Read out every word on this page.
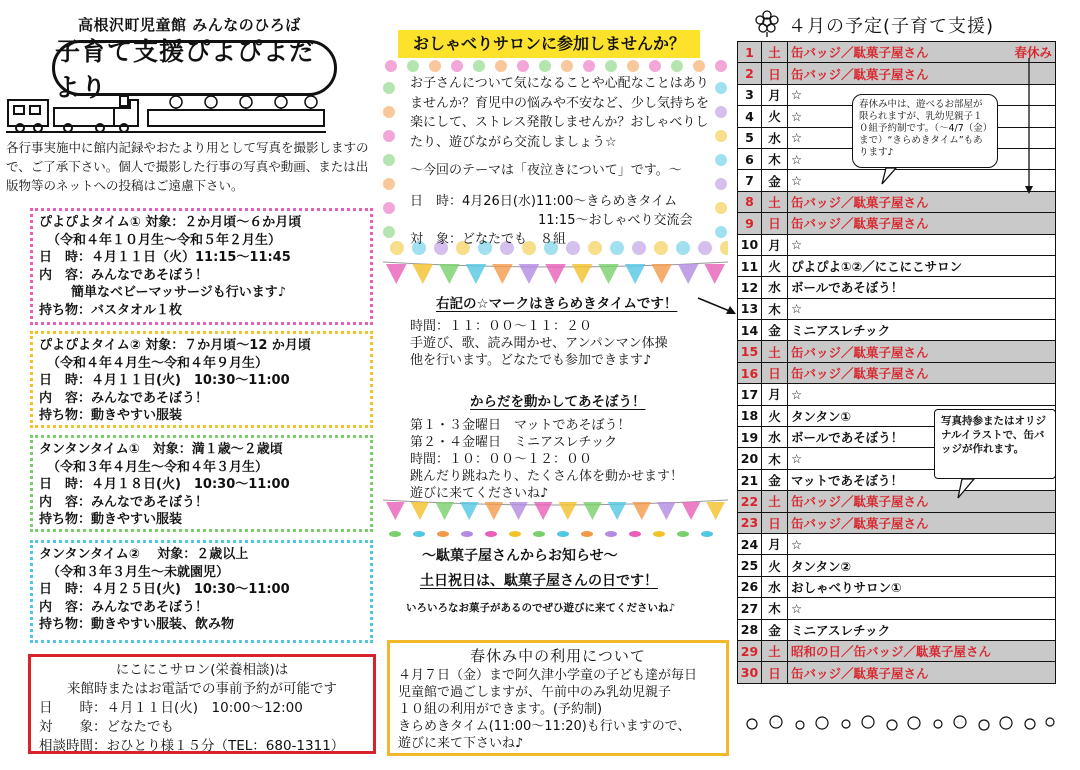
高根沢町児童館 みんなのひろば
子育て支援ぴよぴよだより
各行事実施中に館内記録やおたより用として写真を撮影しますので、ご了承下さい。個人で撮影した行事の写真や動画、または出版物等のネットへの投稿はご遠慮下さい。
ぴよぴよタイム① 対象：２か月頃～６か月頃
（令和４年１０月生～令和５年２月生）
日　時：４月１１日（火）11:15～11:45
内　容：みんなであそぼう！
簡単なベビーマッサージも行います♪
持ち物：バスタオル１枚
ぴよぴよタイム② 対象：７か月頃～12 か月頃
（令和４年４月生～令和４年９月生）
日　時：４月１１日(火)　10:30～11:00
内　容：みんなであそぼう！
持ち物：動きやすい服装
タンタンタイム①　対象：満１歳～２歳頃
（令和３年４月生～令和４年３月生）
日　時：４月１８日(火)　10:30～11:00
内　容：みんなであそぼう！
持ち物：動きやすい服装
タンタンタイム②　 対象：２歳以上
（令和３年３月生～未就園児）
日　時：４月２５日(火)　10:30～11:00
内　容：みんなであそぼう！
持ち物：動きやすい服装、飲み物
にこにこサロン(栄養相談)は
来館時またはお電話での事前予約が可能です
日　　時：４月１１日(火)　10:00～12:00
対　　象：どなたでも
相談時間：おひとり様１５分（TEL：680-1311）
おしゃべりサロンに参加しませんか？
お子さんについて気になることや心配なことはありませんか？育児中の悩みや不安など、少し気持ちを楽にして、ストレス発散しませんか？おしゃべりしたり、遊びながら交流しましょう☆
～今回のテーマは「夜泣きについて」です。～
日　時：4月26日(水)11:00～きらめきタイム
11:15～おしゃべり交流会
対　象：どなたでも　８組
右記の☆マークはきらめきタイムです！
時間：１１：００～１１：２０
手遊び、歌、読み聞かせ、アンパンマン体操
他を行います。どなたでも参加できます♪
からだを動かしてあそぼう！
第１・３金曜日　マットであそぼう！
第２・４金曜日　ミニアスレチック
時間：１０：００～１２：００
跳んだり跳ねたり、たくさん体を動かせます！
遊びに来てくださいね♪
～駄菓子屋さんからお知らせ～
土日祝日は、駄菓子屋さんの日です！
いろいろなお菓子があるのでぜひ遊びに来てくださいね♪
春休み中の利用について
４月７日（金）まで阿久津小学童の子ども達が毎日
児童館で過ごしますが、午前中のみ乳幼児親子
１０組の利用ができます。(予約制)
きらめきタイム(11:00～11:20)も行いますので、
遊びに来て下さいね♪
４月の予定(子育て支援)
1	土	缶バッジ／駄菓子屋さん 春休み

2	日	缶バッジ／駄菓子屋さん
3	月	☆
4	火	☆
5	水	☆
6	木	☆
7	金	☆
8	土	缶バッジ／駄菓子屋さん
9	日	缶バッジ／駄菓子屋さん
10	月	☆
11	火	ぴよぴよ①②／にこにこサロン
12	水	ボールであそぼう！
13	木	☆
14	金	ミニアスレチック
15	土	缶バッジ／駄菓子屋さん
16	日	缶バッジ／駄菓子屋さん
17	月	☆
18	火	タンタン①
19	水	ボールであそぼう！
20	木	☆
21	金	マットであそぼう！
22	土	缶バッジ／駄菓子屋さん
23	日	缶バッジ／駄菓子屋さん
24	月	☆
25	火	タンタン②
26	水	おしゃべりサロン①
27	木	☆
28	金	ミニアスレチック
29	土	昭和の日／缶バッジ／駄菓子屋さん
30	日	缶バッジ／駄菓子屋さん
春休み中は、遊べるお部屋が限られますが、乳幼児親子１０組予約制です。（～4/7（金）まで）“きらめきタイム”もあります♪
写真持参またはオリジナルイラストで、缶バッジが作れます。
